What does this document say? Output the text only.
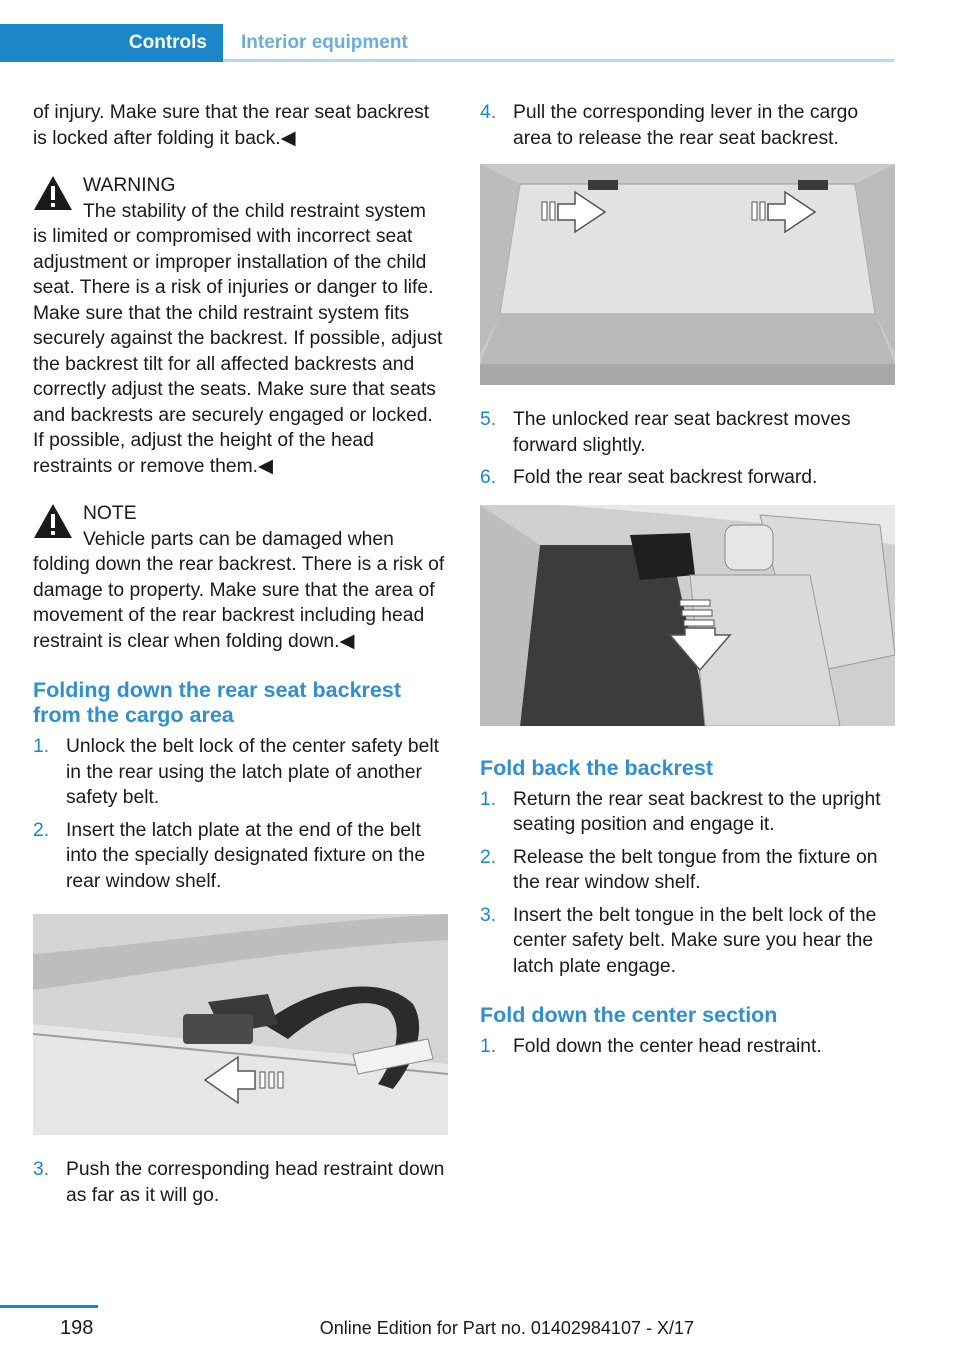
Controls	Interior equipment

of injury. Make sure that the rear seat backrest is locked after folding it back.◀

WARNING
The stability of the child restraint system
is limited or compromised with incorrect seat adjustment or improper installation of the child seat. There is a risk of injuries or danger to life. Make sure that the child restraint system fits securely against the backrest. If possible, adjust the backrest tilt for all affected backrests and correctly adjust the seats. Make sure that seats and backrests are securely engaged or locked. If possible, adjust the height of the head restraints or remove them.◀
NOTE
Vehicle parts can be damaged when
folding down the rear backrest. There is a risk of damage to property. Make sure that the area of movement of the rear backrest including head restraint is clear when folding down.◀
Folding down the rear seat backrest from the cargo area
1. Unlock the belt lock of the center safety belt in the rear using the latch plate of another safety belt.
2. Insert the latch plate at the end of the belt into the specially designated fixture on the rear window shelf.
3. Push the corresponding head restraint down as far as it will go.
4. Pull the corresponding lever in the cargo area to release the rear seat backrest.
5. The unlocked rear seat backrest moves forward slightly.
6. Fold the rear seat backrest forward.
Fold back the backrest
1. Return the rear seat backrest to the upright seating position and engage it.
2. Release the belt tongue from the fixture on the rear window shelf.
3. Insert the belt tongue in the belt lock of the center safety belt. Make sure you hear the latch plate engage.
Fold down the center section
1. Fold down the center head restraint.
198	Online Edition for Part no. 01402984107 - X/17
